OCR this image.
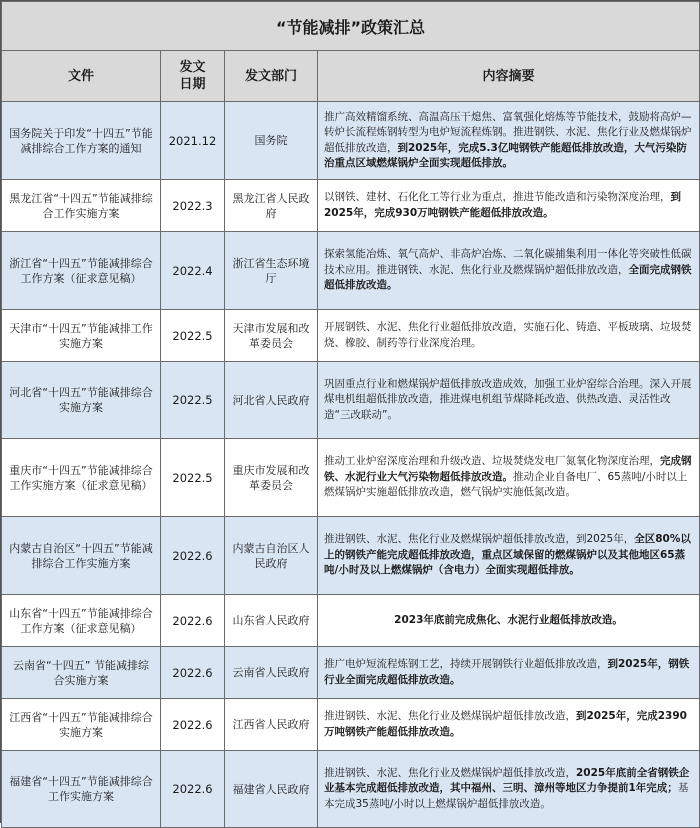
“节能减排”政策汇总			
文件	发文日期	发文部门	内容摘要
国务院关于印发“十四五”节能减排综合工作方案的通知	2021.12	国务院	推广高效精馏系统、高温高压干熄焦、富氧强化熔炼等节能技术，鼓励将高炉—转炉长流程炼钢转型为电炉短流程炼钢。推进钢铁、水泥、焦化行业及燃煤锅炉超低排放改造，到2025年，完成5.3亿吨钢铁产能超低排放改造，大气污染防治重点区域燃煤锅炉全面实现超低排放。
黑龙江省“十四五”节能减排综合工作实施方案	2022.3	黑龙江省人民政府	以钢铁、建材、石化化工等行业为重点，推进节能改造和污染物深度治理，到2025年，完成930万吨钢铁产能超低排放改造。
浙江省“十四五”节能减排综合工作方案（征求意见稿）	2022.4	浙江省生态环境厅	探索氢能冶炼、氧气高炉、非高炉冶炼、二氧化碳捕集利用一体化等突破性低碳技术应用。推进钢铁、水泥、焦化行业及燃煤锅炉超低排放改造，全面完成钢铁超低排放改造。
天津市“十四五”节能减排工作实施方案	2022.5	天津市发展和改革委员会	开展钢铁、水泥、焦化行业超低排放改造，实施石化、铸造、平板玻璃、垃圾焚烧、橡胶、制药等行业深度治理。
河北省“十四五”节能减排综合实施方案	2022.5	河北省人民政府	巩固重点行业和燃煤锅炉超低排放改造成效，加强工业炉窑综合治理。深入开展煤电机组超低排放改造，推进煤电机组节煤降耗改造、供热改造、灵活性改造“三改联动”。
重庆市“十四五”节能减排综合工作实施方案（征求意见稿）	2022.5	重庆市发展和改革委员会	推动工业炉窑深度治理和升级改造、垃圾焚烧发电厂氮氧化物深度治理，完成钢铁、水泥行业大气污染物超低排放改造。推动企业自备电厂、65蒸吨/小时以上燃煤锅炉实施超低排放改造，燃气锅炉实施低氮改造。
内蒙古自治区“十四五”节能减排综合工作实施方案	2022.6	内蒙古自治区人民政府	推进钢铁、水泥、焦化行业及燃煤锅炉超低排放改造，到2025年，全区80%以上的钢铁产能完成超低排放改造，重点区域保留的燃煤锅炉以及其他地区65蒸吨/小时及以上燃煤锅炉（含电力）全面实现超低排放。
山东省“十四五”节能减排综合工作方案（征求意见稿）	2022.6	山东省人民政府	2023年底前完成焦化、水泥行业超低排放改造。
云南省“十四五” 节能减排综合实施方案	2022.6	云南省人民政府	推广电炉短流程炼钢工艺，持续开展钢铁行业超低排放改造，到2025年，钢铁行业全面完成超低排放改造。
江西省“十四五”节能减排综合实施方案	2022.6	江西省人民政府	推进钢铁、水泥、焦化行业及燃煤锅炉超低排放改造，到2025年，完成2390万吨钢铁产能超低排放改造。
福建省“十四五”节能减排综合工作实施方案	2022.6	福建省人民政府	推进钢铁、水泥、焦化行业及燃煤锅炉超低排放改造，2025年底前全省钢铁企业基本完成超低排放改造，其中福州、三明、漳州等地区力争提前1年完成；基本完成35蒸吨/小时以上燃煤锅炉超低排放改造。
